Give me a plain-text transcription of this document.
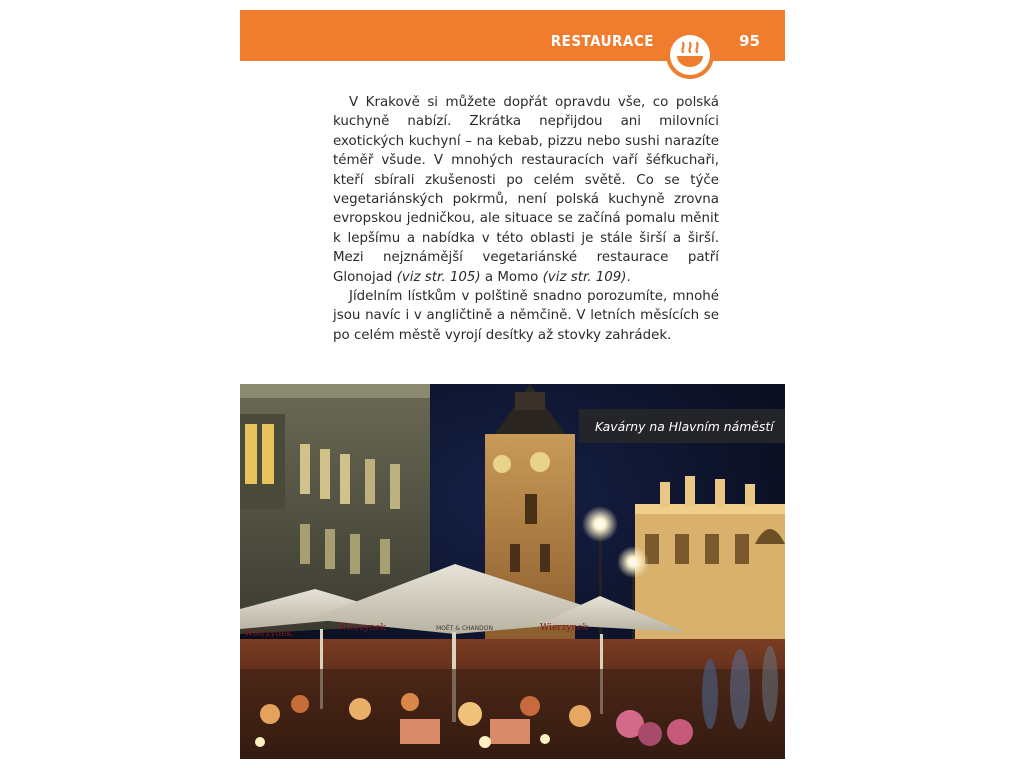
RESTAURACE	95

V Krakově si můžete dopřát opravdu vše, co polská kuchyně nabízí. Zkrátka nepřijdou ani milovníci exotických kuchyní – na kebab, pizzu nebo sushi narazíte téměř všude. V mnohých restauracích vaří šéfkuchaři, kteří sbírali zkušenosti po celém světě. Co se týče vegetariánských pokrmů, není polská kuchyně zrovna evropskou jedničkou, ale situace se začíná pomalu měnit k lepšímu a nabídka v této oblasti je stále širší a širší. Mezi nejznámější vegetariánské restaurace patří Glonojad (viz str. 105) a Momo (viz str. 109).

Jídelním lístkům v polštině snadno porozumíte, mnohé jsou navíc i v angličtině a němčině. V letních měsících se po celém městě vyrojí desítky až stovky zahrádek.

Wierzynek
MOËT & CHANDON
Wierzynek	Wierzynek
Kavárny na Hlavním náměstí
